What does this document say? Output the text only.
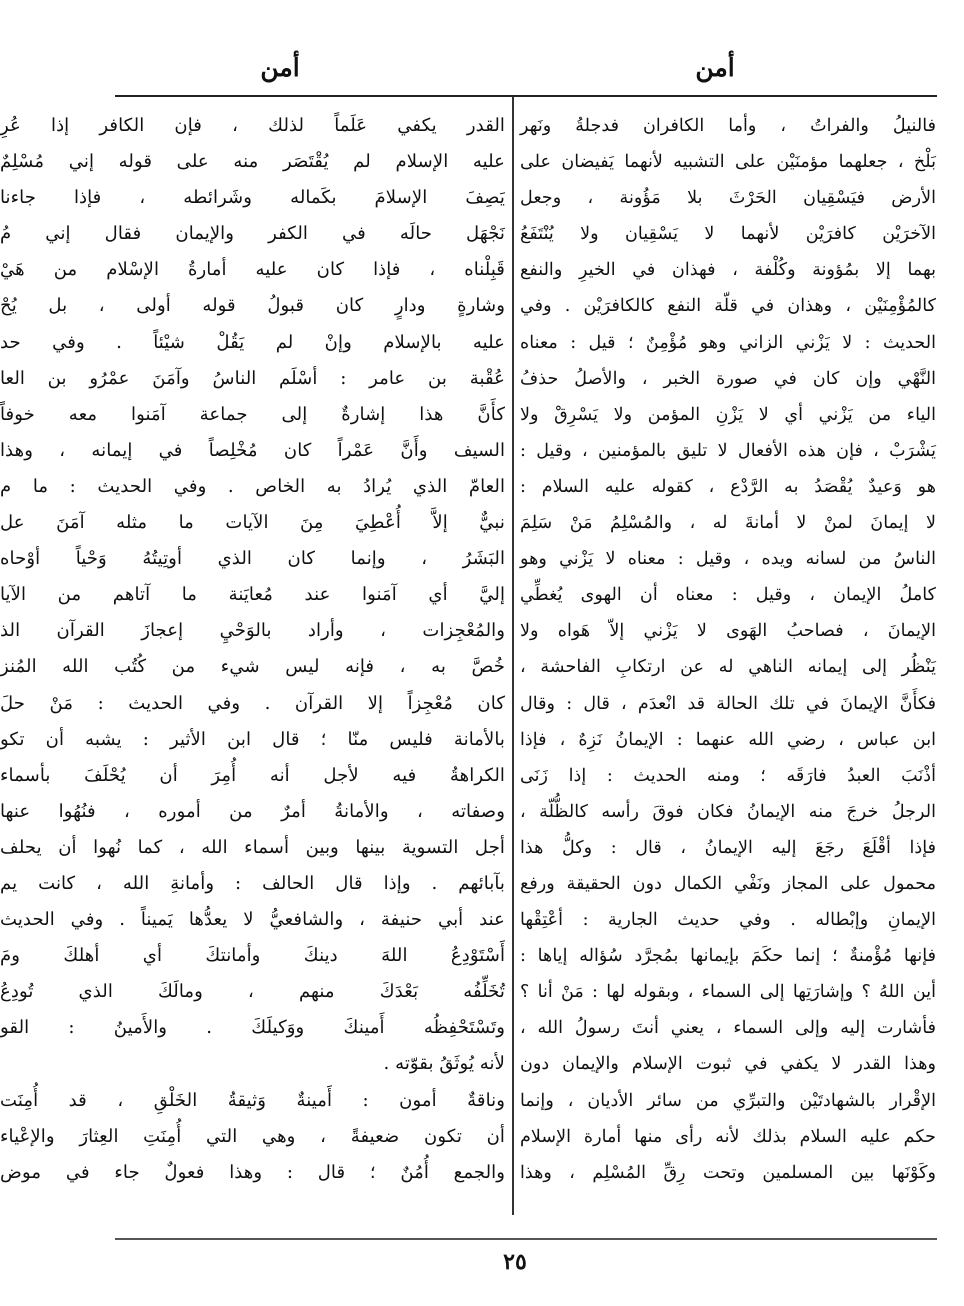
أمن	أمن
فالنيلُ والفراتُ ، وأما الكافران فدجلةُ ونَهر
بَلْخ ، جعلهما مؤمنَيْن على التشبيه لأنهما يَفيضان على
الأرض فيَسْقِيان الحَرْثَ بلا مَؤُونة ، وجعل
الآخرَيْن كافرَيْن لأنهما لا يَسْقِيان ولا يُنْتَفَعُ
بهما إلا بمُؤونة وكُلْفة ، فهذان في الخيرِ والنفع
كالمُؤْمِنَيْن ، وهذان في قلّة النفع كالكافرَيْن . وفي
الحديث : لا يَزْني الزاني وهو مُؤْمِنٌ ؛ قيل : معناه
النَّهْي وإن كان في صورة الخبر ، والأصلُ حذفُ
الياء من يَزْني أي لا يَزْنِ المؤمن ولا يَسْرِقْ ولا
يَشْرَبْ ، فإن هذه الأفعال لا تليق بالمؤمنين ، وقيل :
هو وَعيدٌ يُقْصَدُ به الرَّدْع ، كقوله عليه السلام :
لا إيمانَ لمنْ لا أمانةَ له ، والمُسْلِمُ مَنْ سَلِمَ
الناسُ من لسانه ويده ، وقيل : معناه لا يَزْني وهو
كاملُ الإيمان ، وقيل : معناه أن الهوى يُغطِّي
الإيمانَ ، فصاحبُ الهَوى لا يَزْني إلاّ هَواه ولا
يَنْظُر إلى إيمانه الناهي له عن ارتكابِ الفاحشة ،
فكأَنَّ الإيمانَ في تلك الحالة قد انْعدَم ، قال : وقال
ابن عباس ، رضي الله عنهما : الإيمانُ نَزِهٌ ، فإذا
أذْنَبَ العبدُ فارَقَه ؛ ومنه الحديث : إذا زَنَى
الرجلُ خرجَ منه الإيمانُ فكان فوقَ رأسه كالظُّلّة ،
فإذا أقْلَعَ رجَعَ إليه الإيمانُ ، قال : وكلُّ هذا
محمول على المجاز ونَفْي الكمال دون الحقيقة ورفع
الإيمانِ وإبْطاله . وفي حديث الجارية : أعْتِقْها
فإنها مُؤْمنةٌ ؛ إنما حكَمَ بإيمانها بمُجرَّد سُؤاله إياها :
أين اللهُ ؟ وإشارَتِها إلى السماء ، وبقوله لها : مَنْ أنا ؟
فأشارت إليه وإلى السماء ، يعني أنتَ رسولُ الله ،
وهذا القدر لا يكفي في ثبوت الإسلام والإيمان دون
الإقْرار بالشهادتَيْن والتبرِّي من سائر الأديان ، وإنما
حكم عليه السلام بذلك لأنه رأى منها أمارة الإسلام
وكَوْنَها بين المسلمين وتحت رِقِّ المُسْلِم ، وهذا
القدر يكفي عَلَماً لذلك ، فإن الكافر إذا عُرِ
عليه الإسلام لم يُقْتَصَر منه على قوله إني مُسْلِمٌ
يَصِفَ الإسلامَ بكَماله وشَرائطه ، فإذا جاءنا
نَجْهَل حالَه في الكفر والإيمان فقال إني مُ
قَبِلْناه ، فإذا كان عليه أمارةُ الإسْلام من هَيْ
وشارةٍ ودارٍ كان قبولُ قوله أولى ، بل يُحْ
عليه بالإسلام وإنْ لم يَقُلْ شيْئاً . وفي حد
عُقْبة بن عامر : أسْلَم الناسُ وآمَنَ عمْرُو بن العا
كأَنَّ هذا إشارةٌ إلى جماعة آمَنوا معه خوفاً
السيف وأَنَّ عَمْراً كان مُخْلِصاً في إيمانه ، وهذا
العامّ الذي يُرادُ به الخاص . وفي الحديث : ما م
نبيٌّ إلاَّ أُعْطِيَ مِنَ الآيات ما مثله آمَنَ عل
البَشَرُ ، وإنما كان الذي أوتِيتُهُ وَحْياً أوْحاه
إليَّ أي آمَنوا عند مُعايَنة ما آتاهم من الآيا
والمُعْجِزات ، وأراد بالوَحْيِ إعجازَ القرآن الذ
خُصَّ به ، فإنه ليس شيء من كُتُب الله المُنز
كان مُعْجِزاً إلا القرآن . وفي الحديث : مَنْ حلَ
بالأمانة فليس منّا ؛ قال ابن الأثير : يشبه أن تكو
الكراهةُ فيه لأجل أنه أُمِرَ أن يُحْلَفَ بأسماء
وصفاته ، والأمانةُ أمرٌ من أموره ، فنُهُوا عنها
أجل التسوية بينها وبين أسماء الله ، كما نُهوا أن يحلف
بآبائهم . وإذا قال الحالف : وأمانةِ الله ، كانت يم
عند أبي حنيفة ، والشافعيُّ لا يعدُّها يَميناً . وفي الحديث
أَسْتَوْدِعُ اللهَ دينكَ وأمانتكَ أي أهلكَ ومَ
تُخَلِّفُه بَعْدَكَ منهم ، ومالَكَ الذي تُودِعُ
وتَسْتَحْفِظُه أَمينكَ ووَكيلَكَ . والأَمينُ : القو
لأنه يُوثَقُ بقوّته .
وناقةٌ أمون : أَمينةٌ وَثيقةُ الخَلْقِ ، قد أُمِنَت
أن تكون ضعيفةً ، وهي التي أُمِنَتِ العِثارَ والإعْياء
والجمع أُمُنٌ ؛ قال : وهذا فعولٌ جاء في موض
٢٥
